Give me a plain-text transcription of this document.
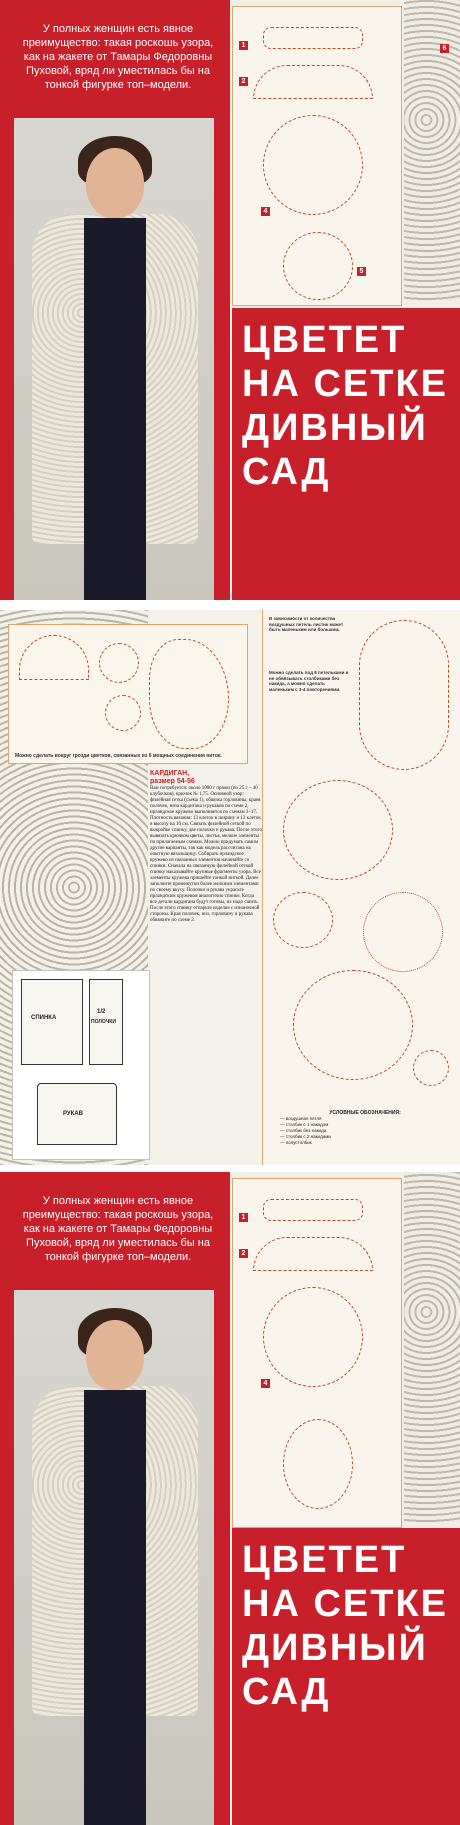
У полных женщин есть явное преимущество: такая роскошь узора, как на жакете от Тамары Федоровны Пуховой, вряд ли уместилась бы на тонкой фигурке топ–модели.

1
2
4
5
6
ЦВЕТЕТ
НА СЕТКЕ
ДИВНЫЙ
САД

Можно сделать вокруг грозди цветков, связанных из 6 мощных соединения ниток.

КАРДИГАН,

размер 54-56

Вам потребуется: около 1000 г пряжи (по 25 г – 40 клубочков), крючок № 1,75. Основной узор: филейная сетка (схема 1), обвязка горловины, краев полочек, низа кардигана и рукавов по схеме 2, ирландское кружево выполняется по схемам 3–17. Плотность вязания: 13 клеток в ширину и 13 клеток в высоту на 10 см. Связать филейной сеткой по выкройке спинку, две полочки и рукава. После этого вывязать крючком цветы, листья, мелкие элементы по прилагаемым схемам. Можно придумать самим другие варианты, так как модель рассчитана на опытную вязальщицу. Собирать ирландское кружево из связанных элементов начинайте со спинки. Сначала на связанную филейной сеткой спинку накалывайте крупные фрагменты узора. Все элементы кружева пришейте тонкой ниткой. Далее заполните промежутки более мелкими элементами по своему вкусу. Полочки и рукава украсьте ирландским кружевом аналогично спинке. Когда все детали кардигана будут готовы, их надо сшить. После этого спинку отпарьте изделие с изнаночной стороны. Края полочек, низ, горловину и рукава обвяжите по схеме 2.

В зависимости от количества воздушных петель листик может быть маленьким или большим.

Можно сделать под 8 петельками и не обвязывать столбиками без накида, а можно сделать маленьким с 3-4 повторениями.

СПИНКА
1/2
ПОЛОЧКИ
РУКАВ	УСЛОВНЫЕ ОБОЗНАЧЕНИЯ:

— воздушная петля

— столбик с 1 накидом

— столбик без накида

— столбик с 2 накидами

— полустолбик

У полных женщин есть явное преимущество: такая роскошь узора, как на жакете от Тамары Федоровны Пуховой, вряд ли уместилась бы на тонкой фигурке топ–модели.

1
2
4
ЦВЕТЕТ
НА СЕТКЕ
ДИВНЫЙ
САД
